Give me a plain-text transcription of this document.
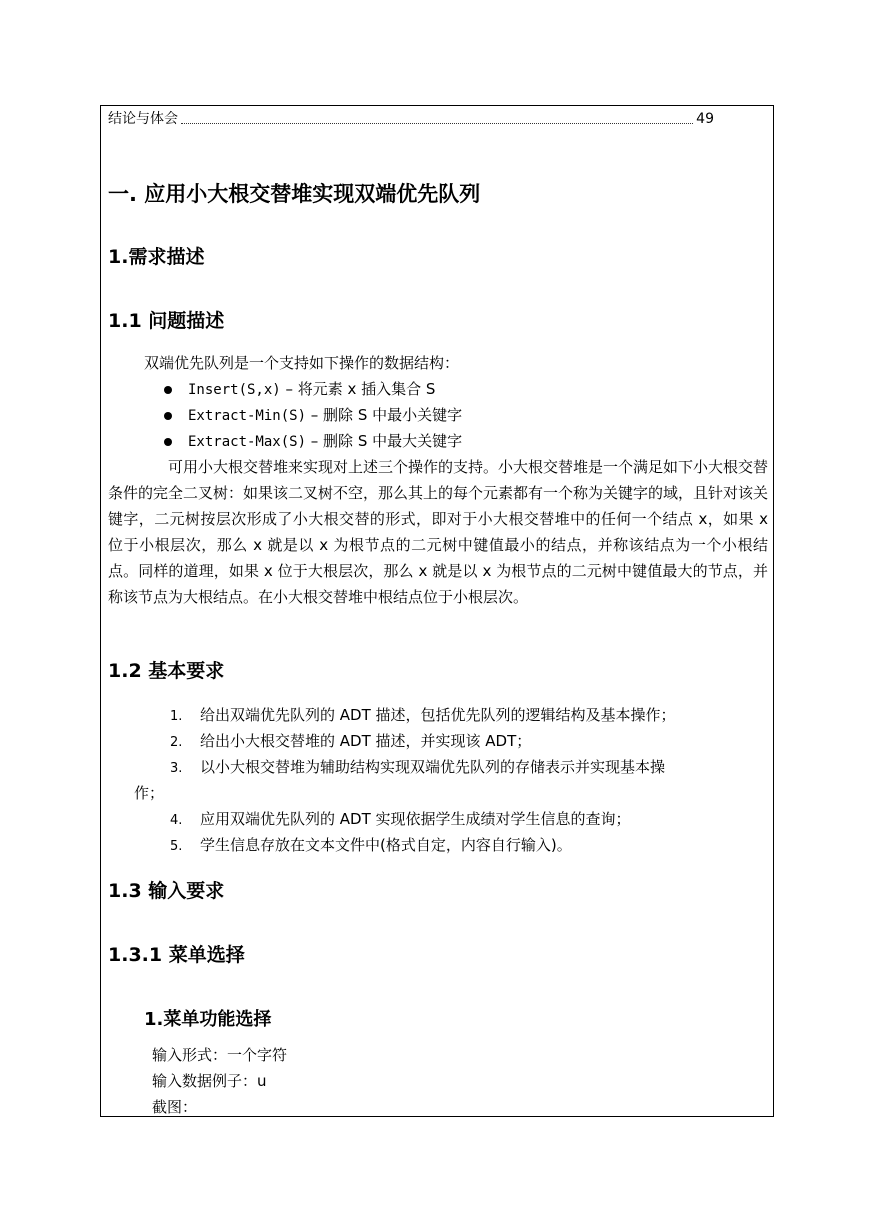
结论与体会	49
一. 应用小大根交替堆实现双端优先队列
1.需求描述
1.1 问题描述
双端优先队列是一个支持如下操作的数据结构：
Insert(S,x) – 将元素 x 插入集合 S
Extract-Min(S) – 删除 S 中最小关键字
Extract-Max(S) – 删除 S 中最大关键字
可用小大根交替堆来实现对上述三个操作的支持。小大根交替堆是一个满足如下小大根交替条件的完全二叉树：如果该二叉树不空，那么其上的每个元素都有一个称为关键字的域，且针对该关键字，二元树按层次形成了小大根交替的形式，即对于小大根交替堆中的任何一个结点 x，如果 x 位于小根层次，那么 x 就是以 x 为根节点的二元树中键值最小的结点，并称该结点为一个小根结点。同样的道理，如果 x 位于大根层次，那么 x 就是以 x 为根节点的二元树中键值最大的节点，并称该节点为大根结点。在小大根交替堆中根结点位于小根层次。
1.2 基本要求
1. 给出双端优先队列的 ADT 描述，包括优先队列的逻辑结构及基本操作；
2. 给出小大根交替堆的 ADT 描述，并实现该 ADT；
3. 以小大根交替堆为辅助结构实现双端优先队列的存储表示并实现基本操
作；
4. 应用双端优先队列的 ADT 实现依据学生成绩对学生信息的查询；
5. 学生信息存放在文本文件中(格式自定，内容自行输入)。
1.3 输入要求
1.3.1 菜单选择
1.菜单功能选择
输入形式：一个字符
输入数据例子：u
截图：
